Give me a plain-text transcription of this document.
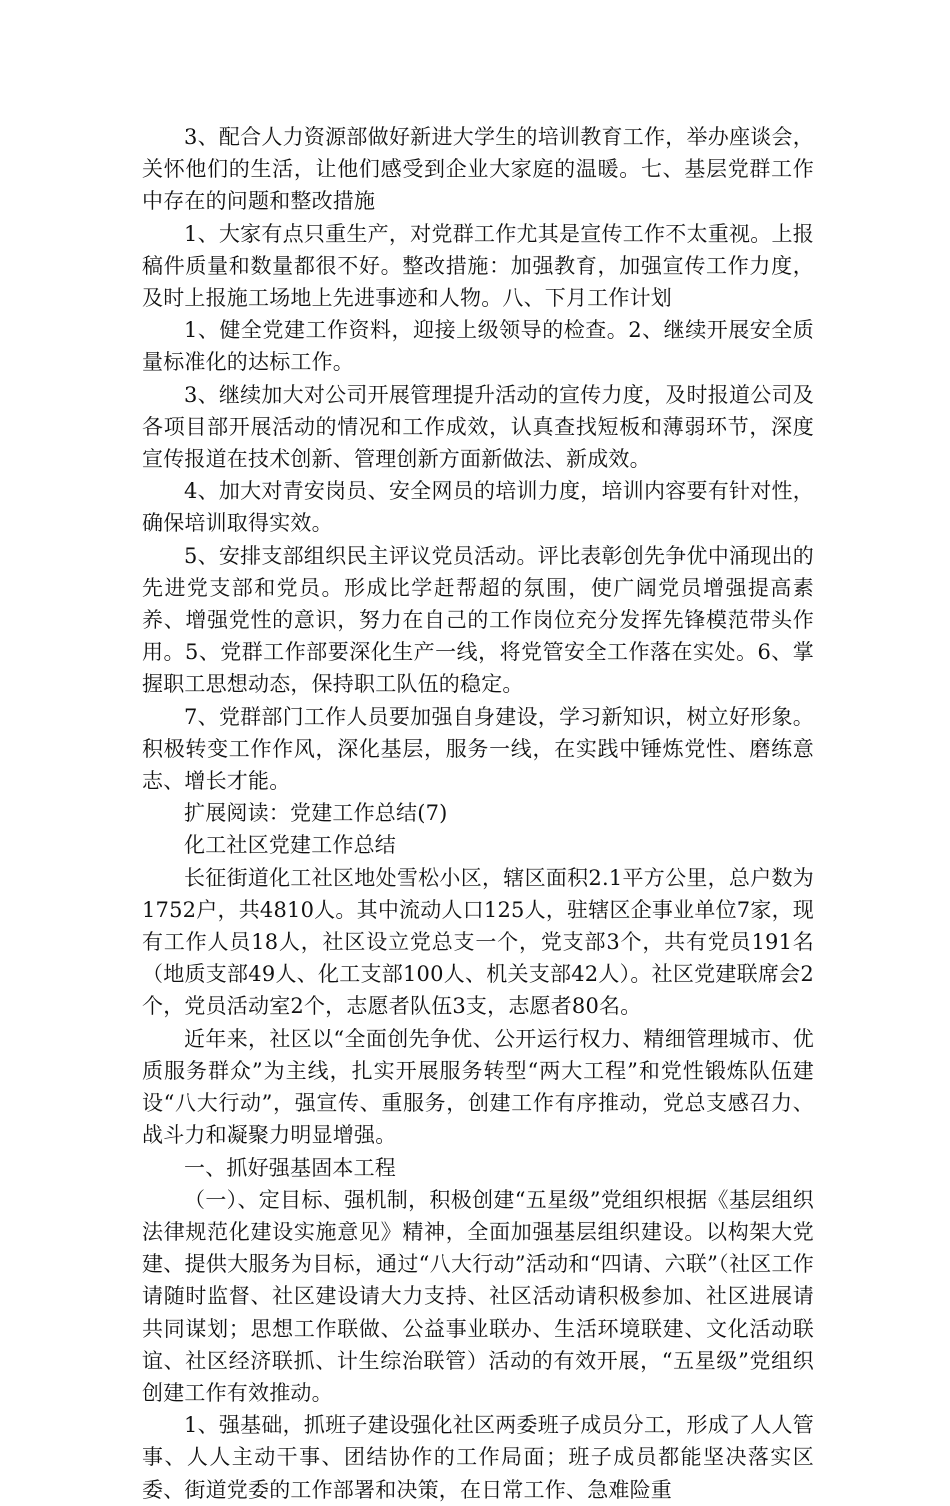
3、配合人力资源部做好新进大学生的培训教育工作，举办座谈会，关怀他们的生活，让他们感受到企业大家庭的温暖。七、基层党群工作中存在的问题和整改措施

1、大家有点只重生产，对党群工作尤其是宣传工作不太重视。上报稿件质量和数量都很不好。整改措施：加强教育，加强宣传工作力度，及时上报施工场地上先进事迹和人物。八、下月工作计划

1、健全党建工作资料，迎接上级领导的检查。2、继续开展安全质量标准化的达标工作。

3、继续加大对公司开展管理提升活动的宣传力度，及时报道公司及各项目部开展活动的情况和工作成效，认真查找短板和薄弱环节，深度宣传报道在技术创新、管理创新方面新做法、新成效。

4、加大对青安岗员、安全网员的培训力度，培训内容要有针对性，确保培训取得实效。

5、安排支部组织民主评议党员活动。评比表彰创先争优中涌现出的先进党支部和党员。形成比学赶帮超的氛围，使广阔党员增强提高素养、增强党性的意识，努力在自己的工作岗位充分发挥先锋模范带头作用。5、党群工作部要深化生产一线，将党管安全工作落在实处。6、掌握职工思想动态，保持职工队伍的稳定。

7、党群部门工作人员要加强自身建设，学习新知识，树立好形象。积极转变工作作风，深化基层，服务一线，在实践中锤炼党性、磨练意志、增长才能。

扩展阅读：党建工作总结(7)

化工社区党建工作总结

长征街道化工社区地处雪松小区，辖区面积2.1平方公里，总户数为1752户，共4810人。其中流动人口125人，驻辖区企事业单位7家，现有工作人员18人，社区设立党总支一个，党支部3个，共有党员191名（地质支部49人、化工支部100人、机关支部42人）。社区党建联席会2个，党员活动室2个，志愿者队伍3支，志愿者80名。

近年来，社区以“全面创先争优、公开运行权力、精细管理城市、优质服务群众”为主线，扎实开展服务转型“两大工程”和党性锻炼队伍建设“八大行动”，强宣传、重服务，创建工作有序推动，党总支感召力、战斗力和凝聚力明显增强。

一、抓好强基固本工程

（一）、定目标、强机制，积极创建“五星级”党组织根据《基层组织法律规范化建设实施意见》精神，全面加强基层组织建设。以构架大党建、提供大服务为目标，通过“八大行动”活动和“四请、六联”（社区工作请随时监督、社区建设请大力支持、社区活动请积极参加、社区进展请共同谋划；思想工作联做、公益事业联办、生活环境联建、文化活动联谊、社区经济联抓、计生综治联管）活动的有效开展，“五星级”党组织创建工作有效推动。

1、强基础，抓班子建设强化社区两委班子成员分工，形成了人人管事、人人主动干事、团结协作的工作局面；班子成员都能坚决落实区委、街道党委的工作部署和决策，在日常工作、急难险重
